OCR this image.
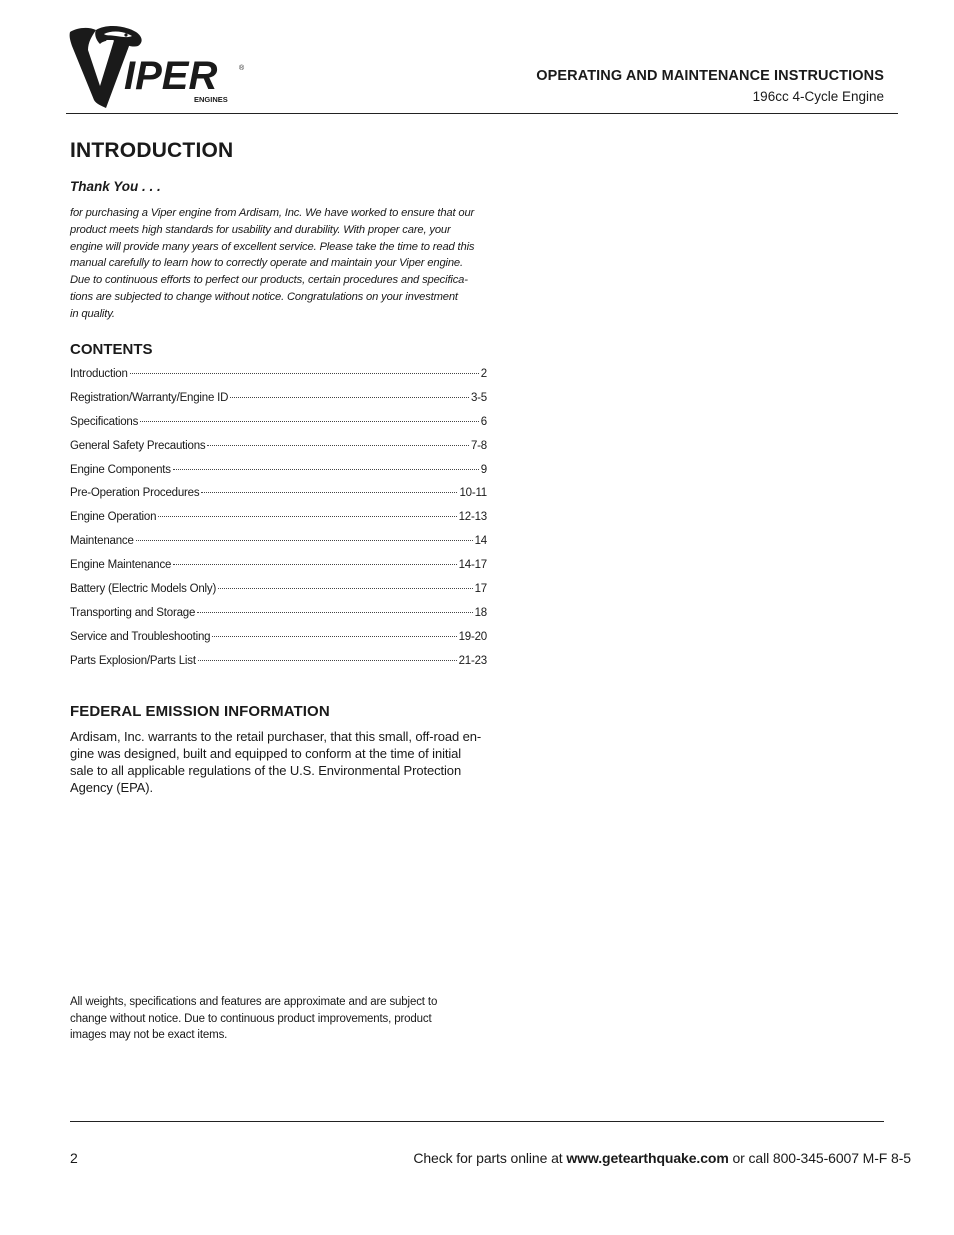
IPER	®
ENGINES
OPERATING AND MAINTENANCE INSTRUCTIONS
196cc 4-Cycle Engine
INTRODUCTION
Thank You . . .
for purchasing a Viper engine from Ardisam, Inc. We have worked to ensure that our
product meets high standards for usability and durability. With proper care, your
engine will provide many years of excellent service. Please take the time to read this
manual carefully to learn how to correctly operate and maintain your Viper engine.
Due to continuous efforts to perfect our products, certain procedures and specifica-
tions are subjected to change without notice. Congratulations on your investment
in quality.
CONTENTS
Introduction	2
Registration/Warranty/Engine ID	3-5
Specifications	6
General Safety Precautions	7-8
Engine Components	9
Pre-Operation Procedures	10-11
Engine Operation	12-13
Maintenance	14
Engine Maintenance	14-17
Battery (Electric Models Only)	17
Transporting and Storage	18
Service and Troubleshooting	19-20
Parts Explosion/Parts List	21-23
FEDERAL EMISSION INFORMATION
Ardisam, Inc. warrants to the retail purchaser, that this small, off-road en-
gine was designed, built and equipped to conform at the time of initial
sale to all applicable regulations of the U.S. Environmental Protection
Agency (EPA).
All weights, specifications and features are approximate and are subject to
change without notice. Due to continuous product improvements, product
images may not be exact items.
2	Check for parts online at www.getearthquake.com or call 800-345-6007 M-F 8-5
